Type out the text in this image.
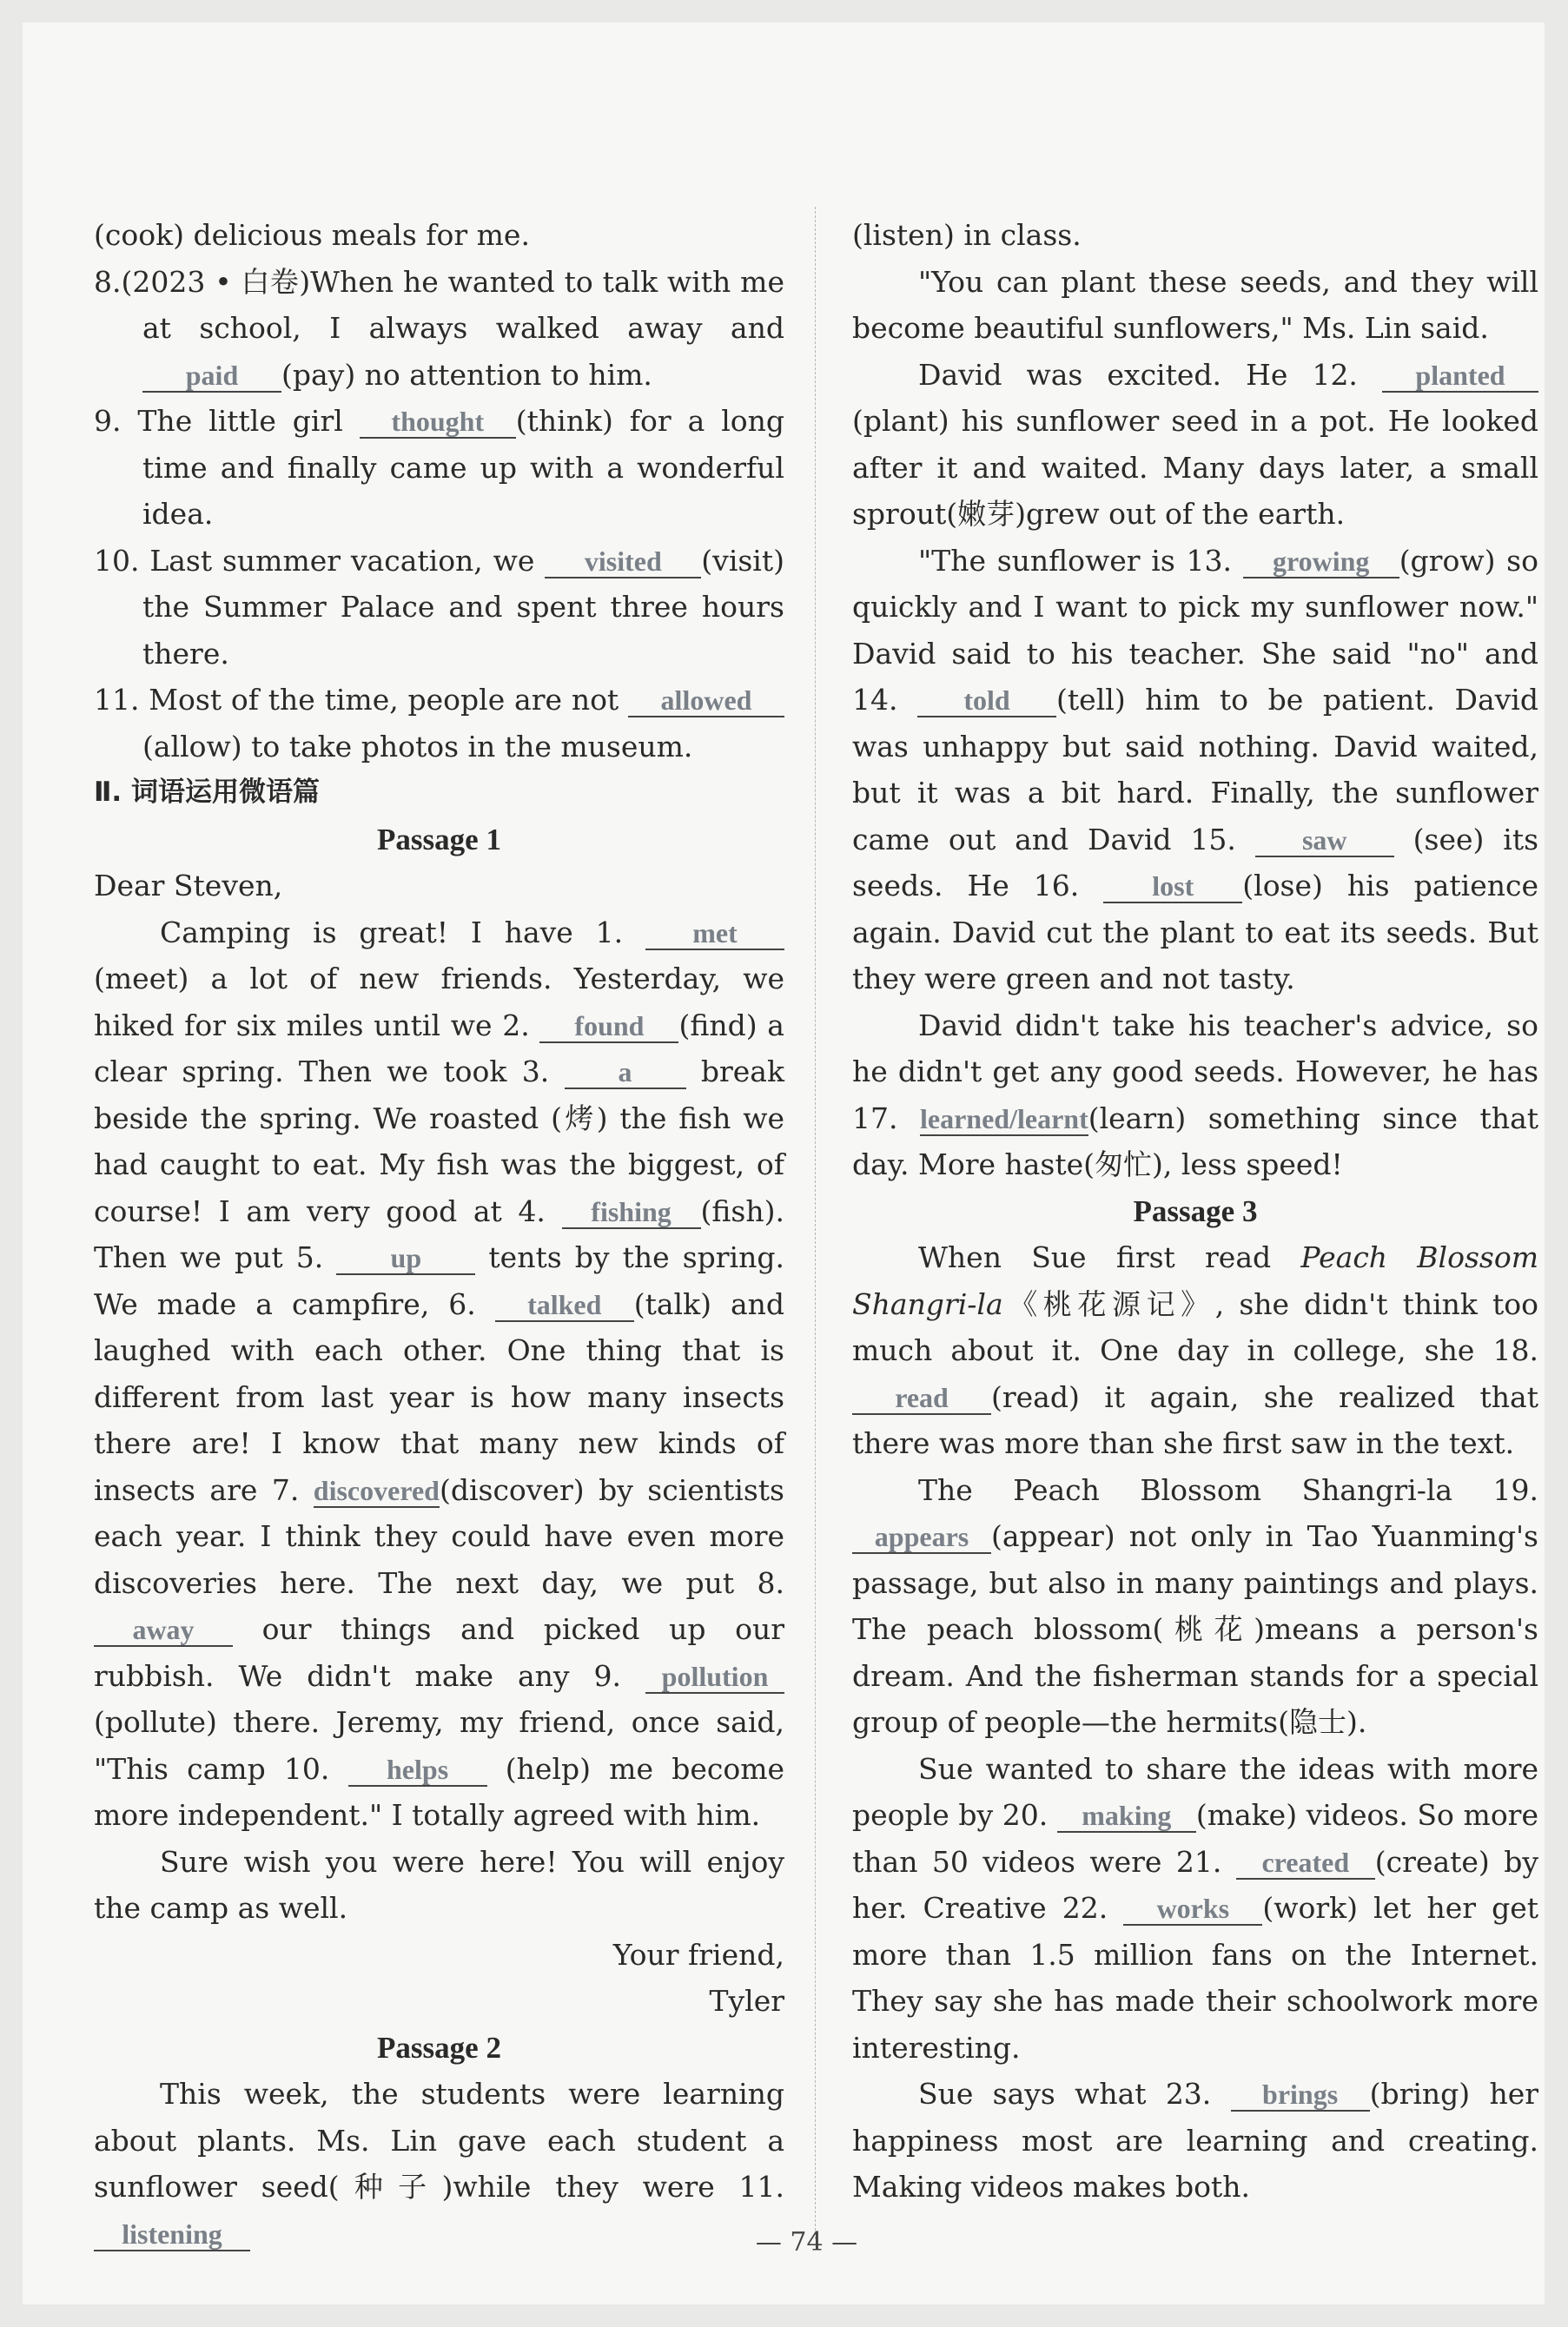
(cook) delicious meals for me.

8.(2023 • 白卷)When he wanted to talk with me at school, I always walked away and paid (pay) no attention to him.

9. The little girl thought (think) for a long time and finally came up with a wonderful idea.

10. Last summer vacation, we visited (visit) the Summer Palace and spent three hours there.

11. Most of the time, people are not allowed (allow) to take photos in the museum.

Ⅱ. 词语运用微语篇

Passage 1

Dear Steven,

Camping is great! I have 1.	met (meet) a lot of new friends. Yesterday, we hiked for six miles until we 2. found (find) a clear spring. Then we took 3. a break beside the spring. We roasted (烤) the fish we had caught to eat. My fish was the biggest, of course! I am very good at 4. fishing (fish). Then we put 5. up tents by the spring. We made a campfire, 6. talked (talk) and laughed with each other. One thing that is different from last year is how many insects there are! I know that many new kinds of insects are 7. discovered(discover) by scientists each year. I think they could have even more discoveries here. The next day, we put 8. away our things and picked up our rubbish. We didn't make any 9. pollution(pollute) there. Jeremy, my friend, once said, "This camp 10. helps (help) me become more independent." I totally agreed with him.

Sure wish you were here! You will enjoy the camp as well.

Your friend,

Tyler

Passage 2

This week, the students were learning about plants. Ms. Lin gave each student a sunflower seed(种子)while they were 11. listening

(listen) in class.

"You can plant these seeds, and they will become beautiful sunflowers," Ms. Lin said.

David was excited. He 12. planted(plant) his sunflower seed in a pot. He looked after it and waited. Many days later, a small sprout(嫩芽)grew out of the earth.

"The sunflower is 13. growing (grow) so quickly and I want to pick my sunflower now." David said to his teacher. She said "no" and 14. told (tell) him to be patient. David was unhappy but said nothing. David waited, but it was a bit hard. Finally, the sunflower came out and David 15. saw (see) its seeds. He 16.	lost (lose) his patience again. David cut the plant to eat its seeds. But they were green and not tasty.

David didn't take his teacher's advice, so he didn't get any good seeds. However, he has 17. learned/learnt(learn) something since that day. More haste(匆忙), less speed!

Passage 3

When Sue first read Peach Blossom Shangri-la《桃花源记》, she didn't think too much about it. One day in college, she 18. read (read) it again, she realized that there was more than she first saw in the text.

The Peach Blossom Shangri-la 19. appears (appear) not only in Tao Yuanming's passage, but also in many paintings and plays. The peach blossom(桃花)means a person's dream. And the fisherman stands for a special group of people—the hermits(隐士).

Sue wanted to share the ideas with more people by 20. making (make) videos. So more than 50 videos were 21. created (create) by her. Creative 22. works (work) let her get more than 1.5 million fans on the Internet. They say she has made their schoolwork more interesting.

Sue says what 23. brings (bring) her happiness most are learning and creating. Making videos makes both.

— 74 —
